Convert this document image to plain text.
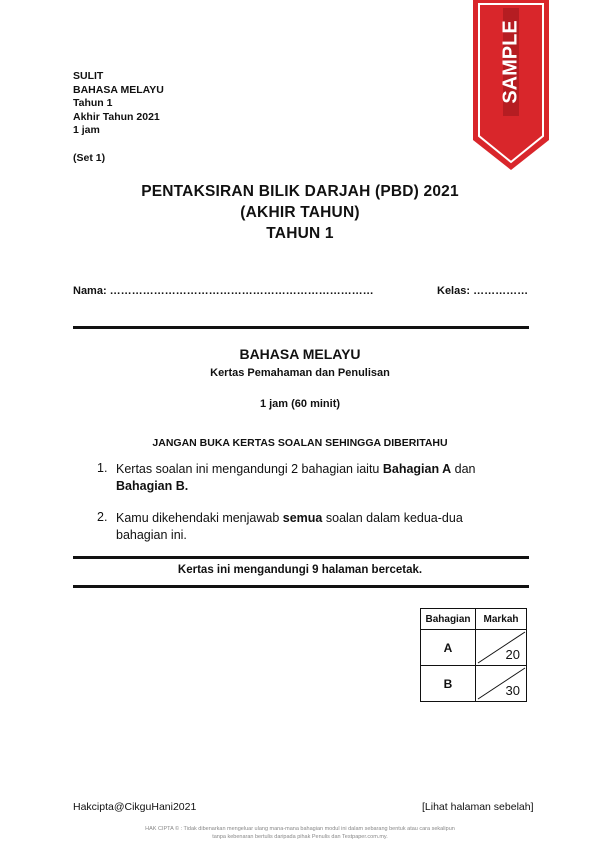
SAMPLE
SULIT
BAHASA MELAYU
Tahun 1
Akhir Tahun 2021
1 jam
(Set 1)
PENTAKSIRAN BILIK DARJAH (PBD) 2021
(AKHIR TAHUN)
TAHUN 1
Nama: ………………………………………………………………	Kelas: ……………
BAHASA MELAYU
Kertas Pemahaman dan Penulisan
1 jam (60 minit)
JANGAN BUKA KERTAS SOALAN SEHINGGA DIBERITAHU
1. Kertas soalan ini mengandungi 2 bahagian iaitu Bahagian A dan Bahagian B.
2. Kamu dikehendaki menjawab semua soalan dalam kedua-dua bahagian ini.
Kertas ini mengandungi 9 halaman bercetak.
Bahagian	Markah
A	20

B	30
Hakcipta@CikguHani2021	[Lihat halaman sebelah]
HAK CIPTA © : Tidak dibenarkan mengeluar ulang mana-mana bahagian modul ini dalam sebarang bentuk atau cara sekalipun tanpa kebenaran bertulis daripada pihak Penulis dan Testpaper.com.my.
